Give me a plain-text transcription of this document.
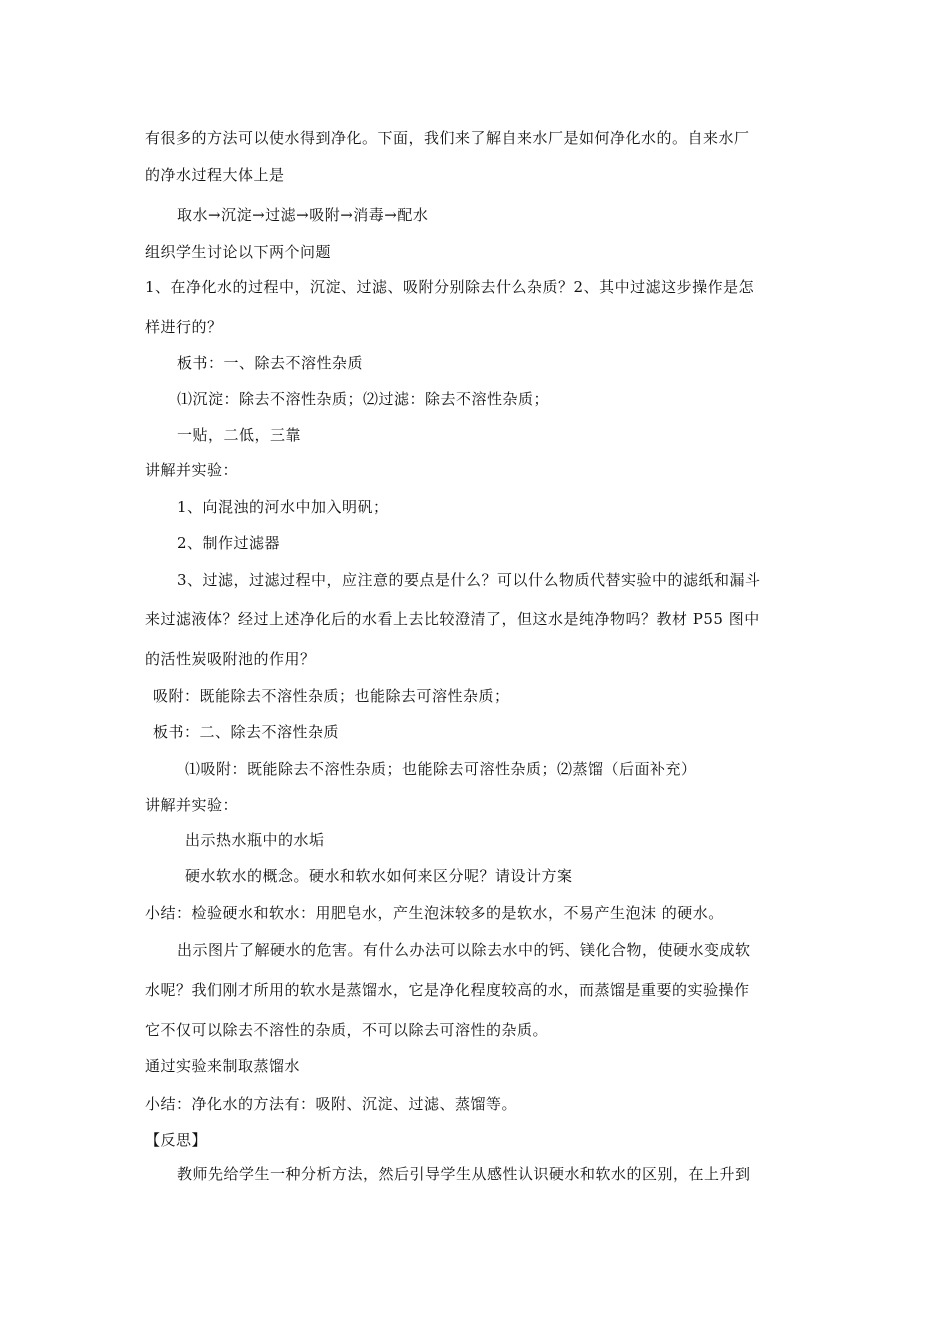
有很多的方法可以使水得到净化。下面，我们来了解自来水厂是如何净化水的。自来水厂
的净水过程大体上是
取水→沉淀→过滤→吸附→消毒→配水
组织学生讨论以下两个问题
1、在净化水的过程中，沉淀、过滤、吸附分别除去什么杂质？2、其中过滤这步操作是怎
样进行的？
板书：一、除去不溶性杂质
⑴沉淀：除去不溶性杂质；⑵过滤：除去不溶性杂质；
一贴，二低，三靠
讲解并实验：
1、向混浊的河水中加入明矾；
2、制作过滤器
3、过滤，过滤过程中，应注意的要点是什么？可以什么物质代替实验中的滤纸和漏斗
来过滤液体？经过上述净化后的水看上去比较澄清了，但这水是纯净物吗？教材 P55 图中
的活性炭吸附池的作用？
吸附：既能除去不溶性杂质；也能除去可溶性杂质；
板书：二、除去不溶性杂质
⑴吸附：既能除去不溶性杂质；也能除去可溶性杂质；⑵蒸馏（后面补充）
讲解并实验：
出示热水瓶中的水垢
硬水软水的概念。硬水和软水如何来区分呢？请设计方案
小结：检验硬水和软水：用肥皂水，产生泡沫较多的是软水，不易产生泡沫 的硬水。
出示图片了解硬水的危害。有什么办法可以除去水中的钙、镁化合物，使硬水变成软
水呢？我们刚才所用的软水是蒸馏水，它是净化程度较高的水，而蒸馏是重要的实验操作
它不仅可以除去不溶性的杂质，不可以除去可溶性的杂质。
通过实验来制取蒸馏水
小结：净化水的方法有：吸附、沉淀、过滤、蒸馏等。
【反思】
教师先给学生一种分析方法，然后引导学生从感性认识硬水和软水的区别，在上升到
